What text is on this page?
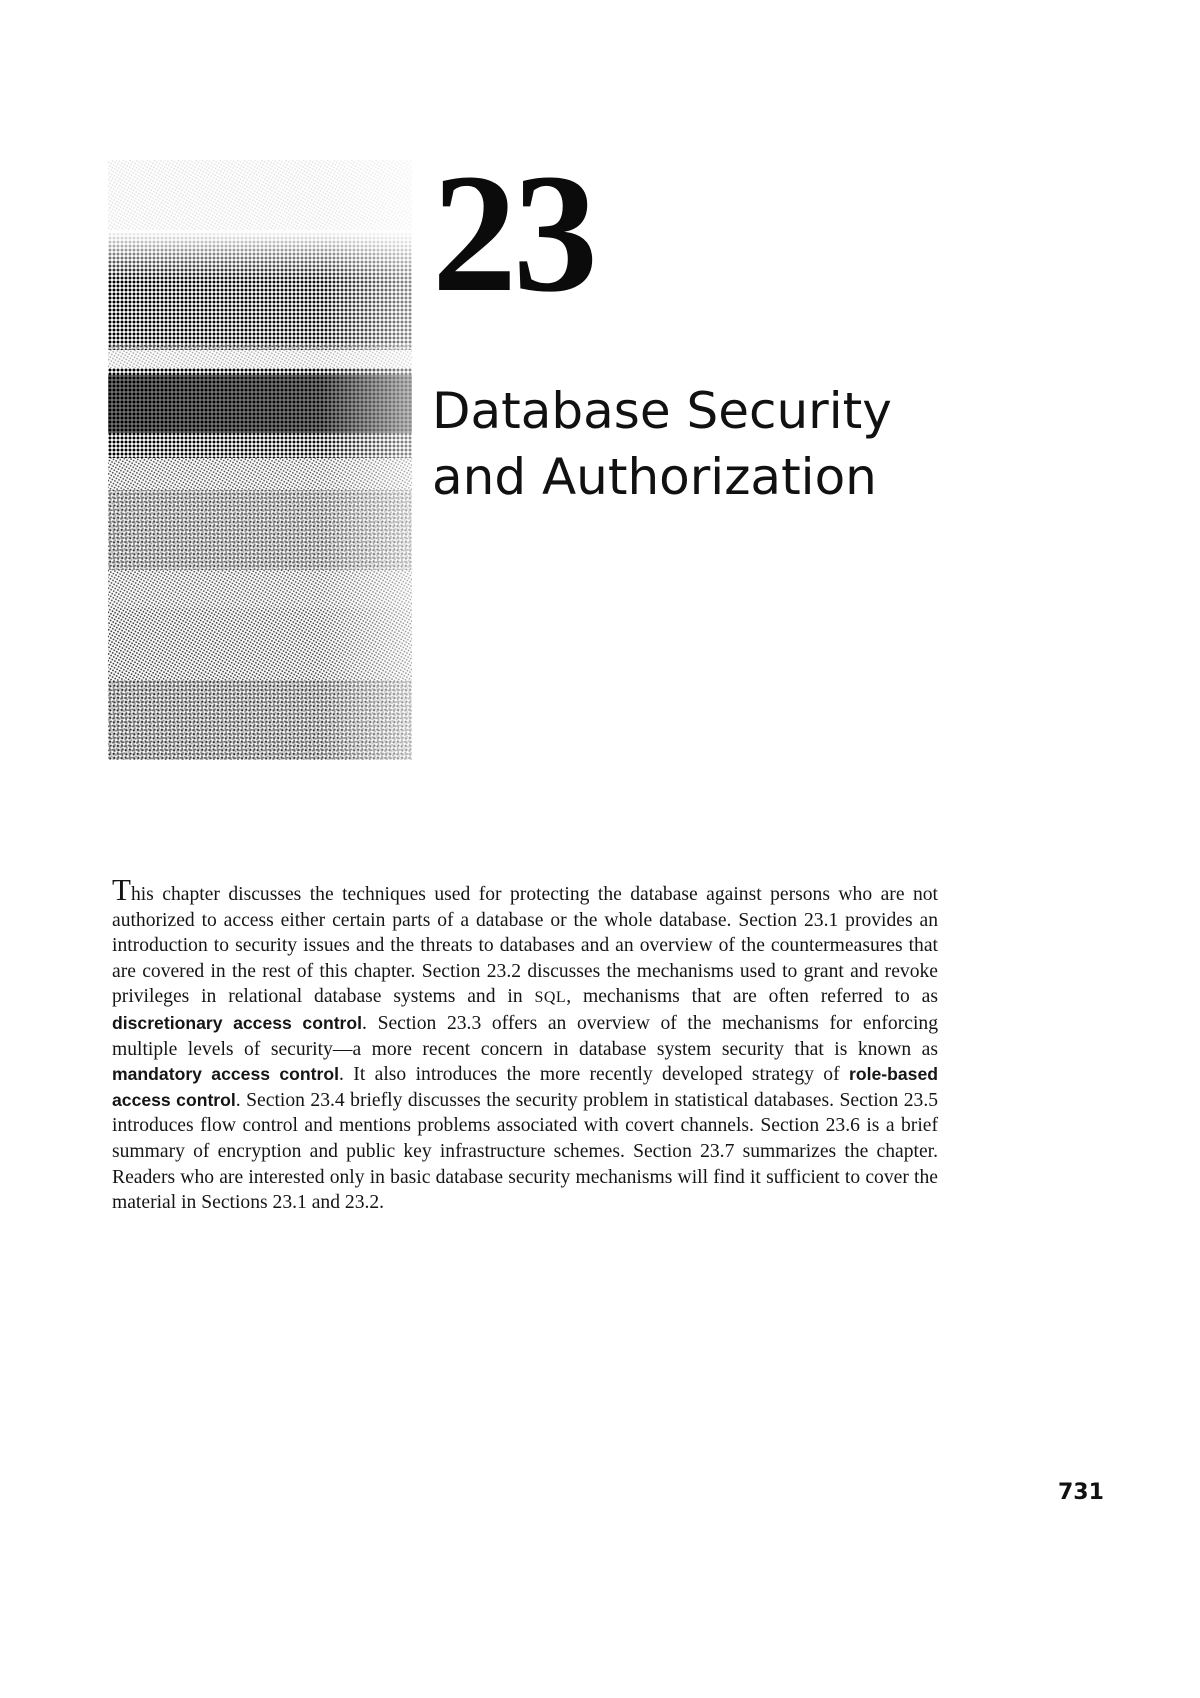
23
Database Security
and Authorization

This chapter discusses the techniques used for protecting the database against persons who are not authorized to access either certain parts of a database or the whole database. Section 23.1 provides an introduction to security issues and the threats to databases and an overview of the countermeasures that are covered in the rest of this chapter. Section 23.2 discusses the mechanisms used to grant and revoke privileges in relational database systems and in SQL, mechanisms that are often referred to as discretionary access control. Section 23.3 offers an overview of the mechanisms for enforcing multiple levels of security—a more recent concern in database system security that is known as mandatory access control. It also introduces the more recently developed strategy of role-based access control. Section 23.4 briefly discusses the security problem in statistical databases. Section 23.5 introduces flow control and mentions problems associated with covert channels. Section 23.6 is a brief summary of encryption and public key infrastructure schemes. Section 23.7 summarizes the chapter. Readers who are interested only in basic database security mechanisms will find it sufficient to cover the material in Sections 23.1 and 23.2.

731
